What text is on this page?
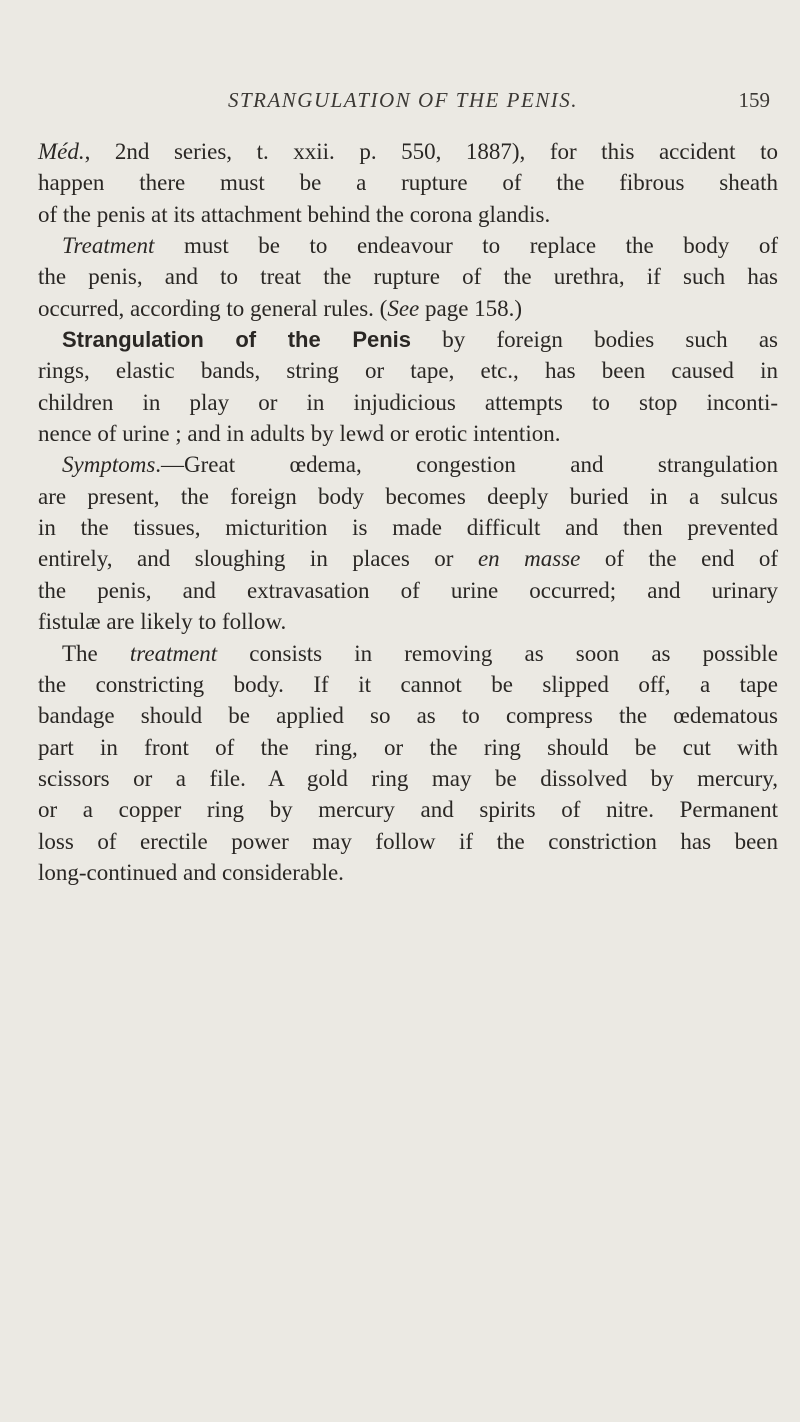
STRANGULATION OF THE PENIS.	159
Méd., 2nd series, t. xxii. p. 550, 1887), for this accident to
happen there must be a rupture of the fibrous sheath
of the penis at its attachment behind the corona glandis.
Treatment must be to endeavour to replace the body of
the penis, and to treat the rupture of the urethra, if such has
occurred, according to general rules. (See page 158.)
Strangulation of the Penis by foreign bodies such as
rings, elastic bands, string or tape, etc., has been caused in
children in play or in injudicious attempts to stop inconti-
nence of urine ; and in adults by lewd or erotic intention.
Symptoms.—Great œdema, congestion and strangulation
are present, the foreign body becomes deeply buried in a sulcus
in the tissues, micturition is made difficult and then prevented
entirely, and sloughing in places or en masse of the end of
the penis, and extravasation of urine occurred; and urinary
fistulæ are likely to follow.
The treatment consists in removing as soon as possible
the constricting body. If it cannot be slipped off, a tape
bandage should be applied so as to compress the œdematous
part in front of the ring, or the ring should be cut with
scissors or a file. A gold ring may be dissolved by mercury,
or a copper ring by mercury and spirits of nitre. Permanent
loss of erectile power may follow if the constriction has been
long-continued and considerable.
